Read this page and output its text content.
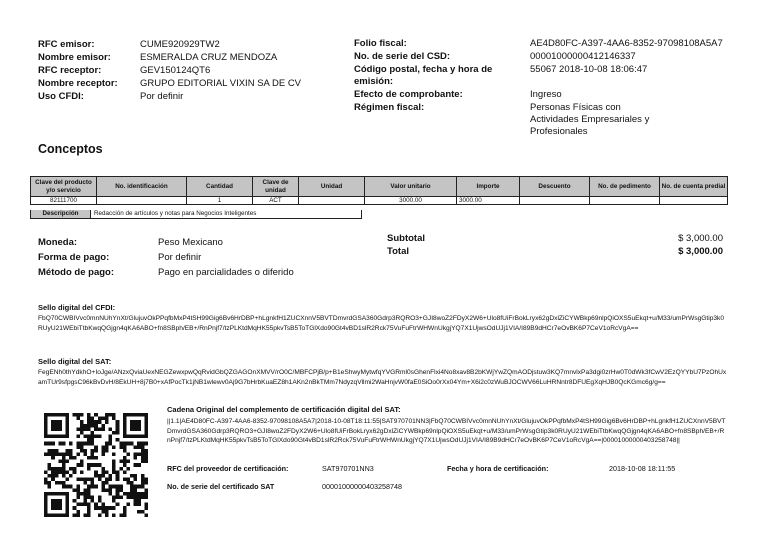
RFC emisor:	CUME920929TW2
Nombre emisor:	ESMERALDA CRUZ MENDOZA
RFC receptor:	GEV150124QT6
Nombre receptor:	GRUPO EDITORIAL VIXIN SA DE CV
Uso CFDI:	Por definir
Folio fiscal:	AE4D80FC-A397-4AA6-8352-97098108A5A7
No. de serie del CSD:	00001000000412146337
Código postal, fecha y hora de emisión:
55067 2018-10-08 18:06:47
Efecto de comprobante:	Ingreso
Régimen fiscal:	Personas Físicas con Actividades Empresariales y Profesionales
Conceptos
Clave del producto y/o servicio	No. identificación	Cantidad	Clave de unidad	Unidad	Valor unitario	Importe	Descuento	No. de pedimento	No. de cuenta predial
82111700		1	ACT		3000.00	3000.00			
Descripción	Redacción de artículos y notas para Negocios Inteligentes
Moneda:	Peso Mexicano
Forma de pago:	Por definir
Método de pago:	Pago en parcialidades o diferido
Subtotal	$ 3,000.00
Total	$ 3,000.00
Sello digital del CFDI:
FbQ70CWBIVvc0mnNUhYnXt/GlujuvOkPPqfbMxP4tSH99Gig6Bv6HrDBP+hLgnkfH1ZUCXnnV5BVTDmvrdGSA360Gdrp3RQRO3+GJI8woZ2FDyX2W6+Ulo8fUiFrBokLryx62gDxlZiCYWBkp69nlpQiOXS5uEkqt+u/M33/umPrWsgGtip3k0RUyU21WEbiTtbKwqQGjgn4qKA6ABO+fn8SBph/EB+/RnPnjf7/tzPLKtdMqHK55pkvTsB5ToTGlXdo90Gt4vBD1slR2Rck75VuFuFtrWHWnUkgjYQ7X1UjwsOdUJj1VIA/I89B9dHCr7eOvBK6P7CeV1oRcVgA==
Sello digital del SAT:
FegENh0thYdkhO+IoJge/ANzxQviaUexNEGZewxpwQqRvidGbQZGAGOnXMVV/rO0C/MBFCPjB/p+B1eShwyMytwfqYVGRml0sGhenFlxi4No8xav8B2bKWjYwZQmAODjstuw3KQ7mnvlxPa3dgi0zrHw0T0dWk3fCwV2EzQYYbU7PzOhUxamTUr9sfpgsC96kBvDvH/8EkUH+8j7B0+xAfPocTk1jNB1wlewv0Aj9G7bHrbKuaEZ8h1AKn2nBkTMm7NdyzqVllmi2WaHnjvW0faE0SiOo0rXx04Ym+X6i2c0zWuBJOCWV66LuHRNntr8DFUEgXqHJB0QcKGmc6g/g==
Cadena Original del complemento de certificación digital del SAT:
||1.1|AE4D80FC-A397-4AA6-8352-97098108A5A7|2018-10-08T18:11:55|SAT970701NN3|FbQ70CWBIVvc0mnNUhYnXt/GlujuvOkPPqfbMxP4tSH99Gig6Bv6HrDBP+hLgnkfH1ZUCXnnV5BVTDmvrdGSA360Gdrp3RQRO3+GJI8woZ2FDyX2W6+Ulo8fUiFrBokLryx62gDxlZiCYWBkp69nlpQiOXS5uEkqt+u/M33/umPrWsgGtip3k0RUyU21WEbiTtbKwqQGjgn4qKA6ABO+fn8SBph/EB+/RnPnjf7/tzPLKtdMqHK55pkvTsB5ToTGlXdo90Gt4vBD1slR2Rck75VuFuFtrWHWnUkgjYQ7X1UjwsOdUJj1VIA/I89B9dHCr7eOvBK6P7CeV1oRcVgA==|00001000000403258748||
RFC del proveedor de certificación:	SAT970701NN3	Fecha y hora de certificación:	2018-10-08 18:11:55
No. de serie del certificado SAT	00001000000403258748
